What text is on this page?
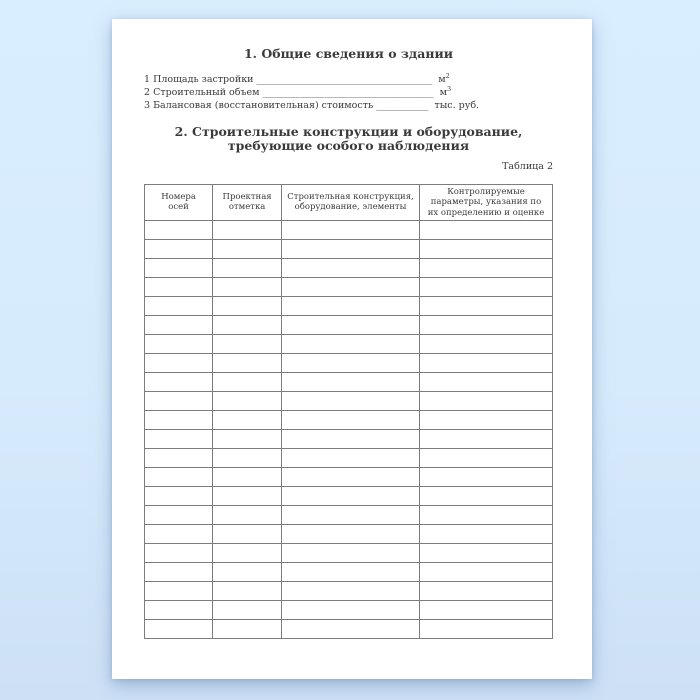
1. Общие сведения о здании
1 Площадь застройки _____________________________________ $м^2$
2 Строительный объем ____________________________________ $м^3$
3 Балансовая (восстановительная) стоимость ___________ тыс. руб.
2. Строительные конструкции и оборудование, требующие особого наблюдения
Таблица 2
Номера осей	Проектная отметка	Строительная конструкция, оборудование, элементы	Контролируемые параметры, указания по их определению и оценке
